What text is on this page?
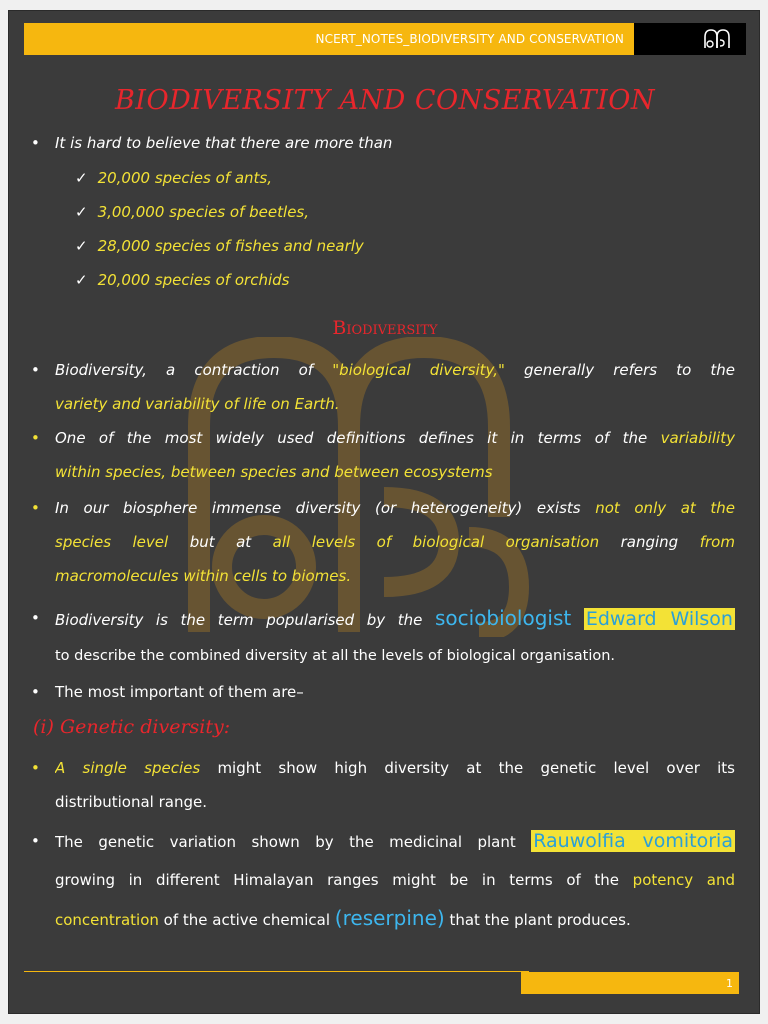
NCERT_NOTES_BIODIVERSITY AND CONSERVATION
BIODIVERSITY AND CONSERVATION
• It is hard to believe that there are more than
✓ 20,000 species of ants,
✓ 3,00,000 species of beetles,
✓ 28,000 species of fishes and nearly
✓ 20,000 species of orchids
Biodiversity
• Biodiversity, a contraction of "biological diversity," generally refers to the
variety and variability of life on Earth.
• One of the most widely used definitions defines it in terms of the variability
within species, between species and between ecosystems
• In our biosphere immense diversity (or heterogeneity) exists not only at the
species level but at all levels of biological organisation ranging from
macromolecules within cells to biomes.
• Biodiversity is the term popularised by the sociobiologist Edward Wilson
to describe the combined diversity at all the levels of biological organisation.
• The most important of them are–
(i) Genetic diversity:
• A single species might show high diversity at the genetic level over its
distributional range.
• The genetic variation shown by the medicinal plant Rauwolfia vomitoria
growing in different Himalayan ranges might be in terms of the potency and
concentration of the active chemical (reserpine) that the plant produces.
1
